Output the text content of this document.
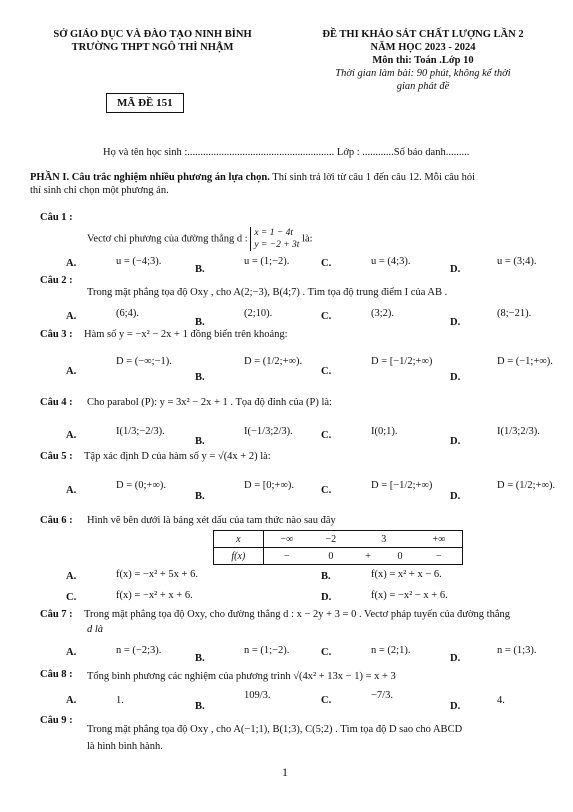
SỞ GIÁO DỤC VÀ ĐÀO TẠO NINH BÌNH
TRƯỜNG THPT NGÔ THÌ NHẬM
ĐỀ THI KHẢO SÁT CHẤT LƯỢNG LẦN 2
NĂM HỌC 2023 - 2024
Môn thi: Toán .Lớp 10
Thời gian làm bài: 90 phút, không kể thời
gian phát đề
MÃ ĐỀ 151
Họ và tên học sinh :........................................................ Lớp : ............Số báo danh.........
PHẦN I. Câu trắc nghiệm nhiều phương án lựa chọn. Thí sinh trả lời từ câu 1 đến câu 12. Mỗi câu hỏi
thí sinh chỉ chọn một phương án.
Câu 1 :
Vectơ chỉ phương của đường thẳng d : x = 1 − 4t
y = −2 + 3t là:
A.	u = (−4;3).
B.
u = (1;−2).	C.	u = (4;3).
D.
u = (3;4).
Câu 2 :
Trong mặt phẳng tọa độ Oxy , cho A(2;−3), B(4;7) . Tìm tọa độ trung điểm I của AB .
A.	(6;4).
B.
(2;10).	C.	(3;2).
D.
(8;−21).
Câu 3 : Hàm số y = −x² − 2x + 1 đồng biến trên khoảng:
A.
D = (−∞;−1).
B.
D = (1/2;+∞).
C.
D = [−1/2;+∞)
D.
D = (−1;+∞).
Câu 4 : Cho parabol (P): y = 3x² − 2x + 1 . Tọa độ đỉnh của (P) là:
A.	I(1/3;−2/3).
B.
I(−1/3;2/3).	C.	I(0;1).
D.
I(1/3;2/3).
Câu 5 : Tập xác định D của hàm số y = √(4x + 2) là:
A.	D = (0;+∞).
B.
D = [0;+∞).	C.	D = [−1/2;+∞)
D.
D = (1/2;+∞).
Câu 6 : Hình vẽ bên dưới là bảng xét dấu của tam thức nào sau đây
x	−∞	−2	3		+∞
f(x)	−	0	+	0	−
A.	f(x) = −x² + 5x + 6.	B.	f(x) = x² + x − 6.
C.	f(x) = −x² + x + 6.	D.	f(x) = −x² − x + 6.
Câu 7 : Trong mặt phẳng tọa độ Oxy, cho đường thẳng d : x − 2y + 3 = 0 . Vectơ pháp tuyến của đường thẳng
d là
A.	n = (−2;3).
B.
n = (1;−2).	C.	n = (2;1).
D.
n = (1;3).
Câu 8 : Tổng bình phương các nghiệm của phương trình √(4x² + 13x − 1) = x + 3
A.	1.
B.
109/3.	C.	−7/3.
D.
4.
Câu 9 :
Trong mặt phẳng tọa độ Oxy , cho A(−1;1), B(1;3), C(5;2) . Tìm tọa độ D sao cho ABCD
là hình bình hành.
1
